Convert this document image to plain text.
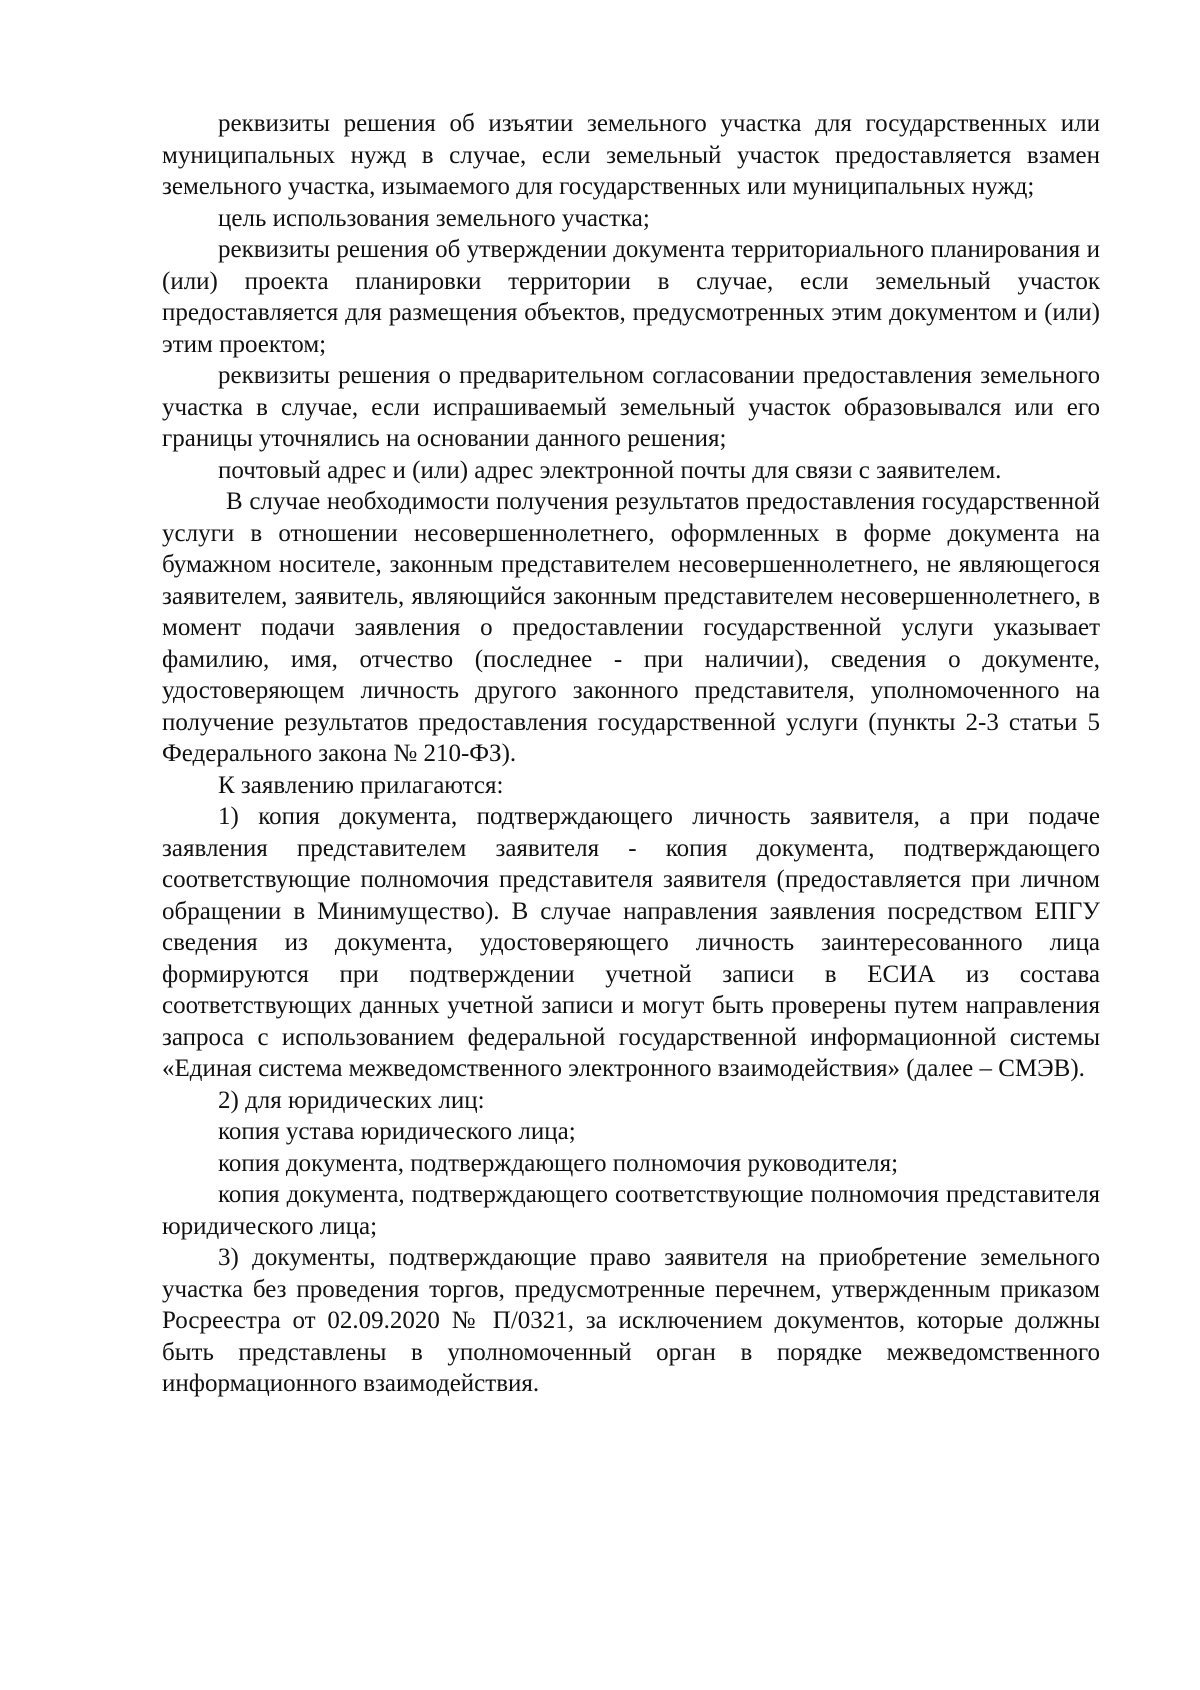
реквизиты решения об изъятии земельного участка для государственных или муниципальных нужд в случае, если земельный участок предоставляется взамен земельного участка, изымаемого для государственных или муниципальных нужд;

цель использования земельного участка;

реквизиты решения об утверждении документа территориального планирования и (или) проекта планировки территории в случае, если земельный участок предоставляется для размещения объектов, предусмотренных этим документом и (или) этим проектом;

реквизиты решения о предварительном согласовании предоставления земельного участка в случае, если испрашиваемый земельный участок образовывался или его границы уточнялись на основании данного решения;

почтовый адрес и (или) адрес электронной почты для связи с заявителем.

В случае необходимости получения результатов предоставления государственной услуги в отношении несовершеннолетнего, оформленных в форме документа на бумажном носителе, законным представителем несовершеннолетнего, не являющегося заявителем, заявитель, являющийся законным представителем несовершеннолетнего, в момент подачи заявления о предоставлении государственной услуги указывает фамилию, имя, отчество (последнее - при наличии), сведения о документе, удостоверяющем личность другого законного представителя, уполномоченного на получение результатов предоставления государственной услуги (пункты 2-3 статьи 5 Федерального закона № 210-ФЗ).

К заявлению прилагаются:

1) копия документа, подтверждающего личность заявителя, а при подаче заявления представителем заявителя - копия документа, подтверждающего соответствующие полномочия представителя заявителя (предоставляется при личном обращении в Минимущество). В случае направления заявления посредством ЕПГУ сведения из документа, удостоверяющего личность заинтересованного лица формируются при подтверждении учетной записи в ЕСИА из состава соответствующих данных учетной записи и могут быть проверены путем направления запроса с использованием федеральной государственной информационной системы «Единая система межведомственного электронного взаимодействия» (далее – СМЭВ).

2) для юридических лиц:

копия устава юридического лица;

копия документа, подтверждающего полномочия руководителя;

копия документа, подтверждающего соответствующие полномочия представителя юридического лица;

3) документы, подтверждающие право заявителя на приобретение земельного участка без проведения торгов, предусмотренные перечнем, утвержденным приказом Росреестра от 02.09.2020 № П/0321, за исключением документов, которые должны быть представлены в уполномоченный орган в порядке межведомственного информационного взаимодействия.
